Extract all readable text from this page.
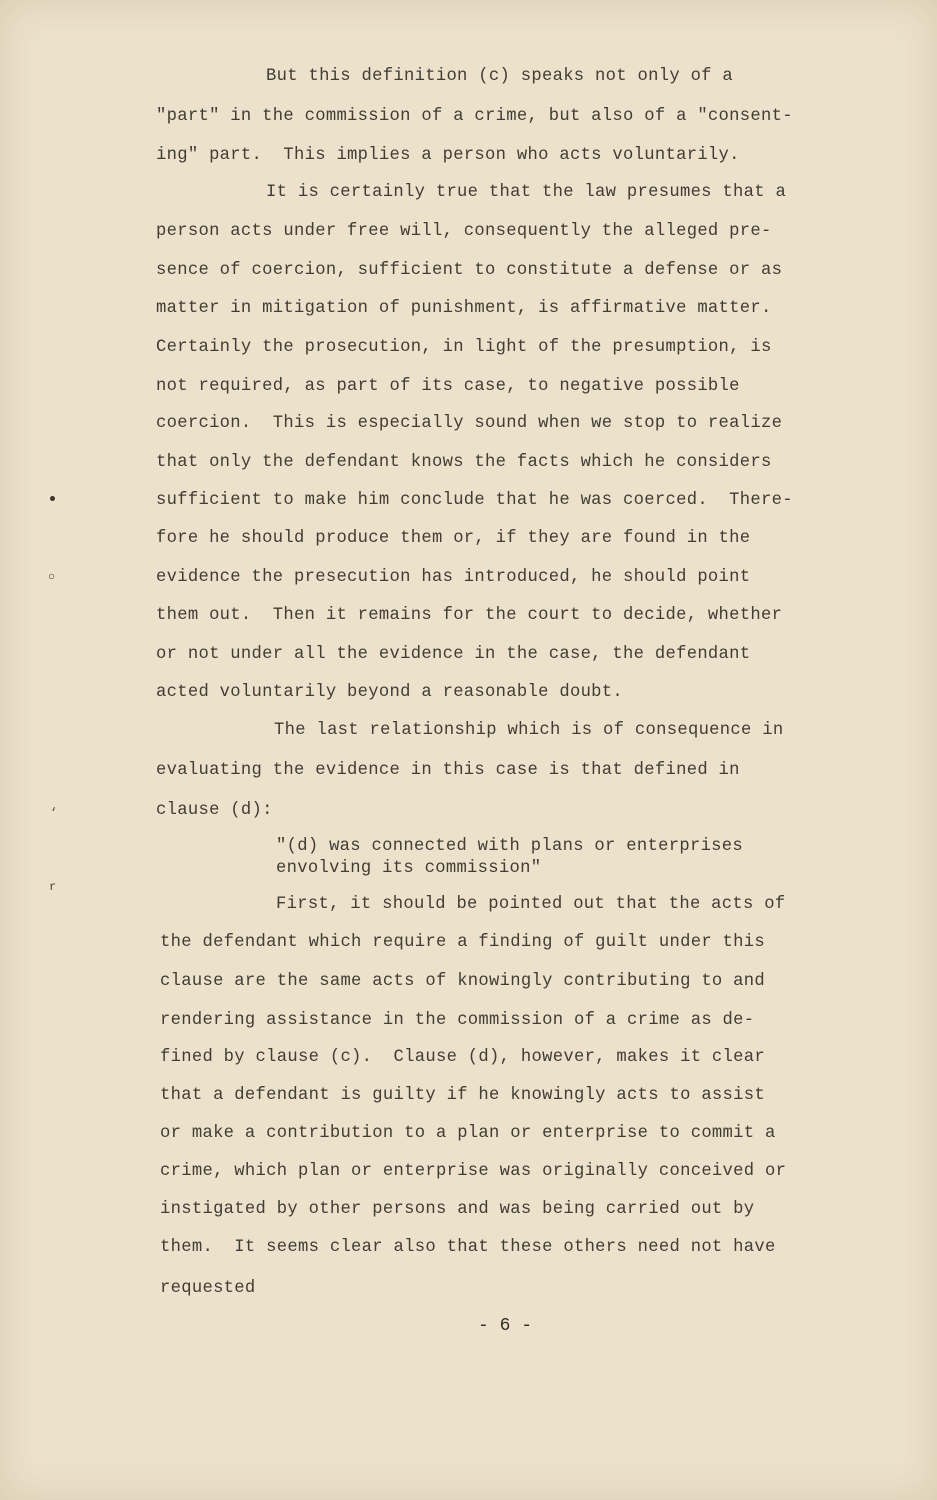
○
‘
r
But this definition (c) speaks not only of a
"part" in the commission of a crime, but also of a "consent-
ing" part.  This implies a person who acts voluntarily.
It is certainly true that the law presumes that a
person acts under free will, consequently the alleged pre-
sence of coercion, sufficient to constitute a defense or as
matter in mitigation of punishment, is affirmative matter.
Certainly the prosecution, in light of the presumption, is
not required, as part of its case, to negative possible
coercion.  This is especially sound when we stop to realize
that only the defendant knows the facts which he considers
sufficient to make him conclude that he was coerced.  There-
fore he should produce them or, if they are found in the
evidence the presecution has introduced, he should point
them out.  Then it remains for the court to decide, whether
or not under all the evidence in the case, the defendant
acted voluntarily beyond a reasonable doubt.
The last relationship which is of consequence in
evaluating the evidence in this case is that defined in
clause (d):
"(d) was connected with plans or enterprises
envolving its commission"
First, it should be pointed out that the acts of
the defendant which require a finding of guilt under this
clause are the same acts of knowingly contributing to and
rendering assistance in the commission of a crime as de-
fined by clause (c).  Clause (d), however, makes it clear
that a defendant is guilty if he knowingly acts to assist
or make a contribution to a plan or enterprise to commit a
crime, which plan or enterprise was originally conceived or
instigated by other persons and was being carried out by
them.  It seems clear also that these others need not have
requested
- 6 -
